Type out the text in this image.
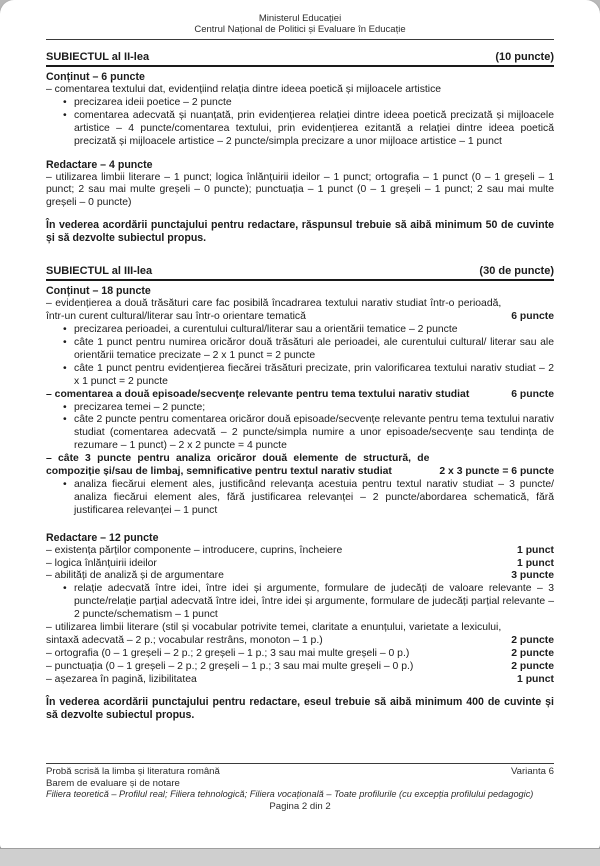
Ministerul Educației
Centrul Național de Politici și Evaluare în Educație
SUBIECTUL al II-lea	(10 puncte)
Conținut – 6 puncte
– comentarea textului dat, evidențiind relația dintre ideea poetică și mijloacele artistice
• precizarea ideii poetice – 2 puncte
• comentarea adecvată și nuanțată, prin evidențierea relației dintre ideea poetică precizată și mijloacele artistice – 4 puncte/comentarea textului, prin evidențierea ezitantă a relației dintre ideea poetică precizată și mijloacele artistice – 2 puncte/simpla precizare a unor mijloace artistice – 1 punct
Redactare – 4 puncte
– utilizarea limbii literare – 1 punct; logica înlănțuirii ideilor – 1 punct; ortografia – 1 punct (0 – 1 greșeli – 1 punct; 2 sau mai multe greșeli – 0 puncte); punctuația – 1 punct (0 – 1 greșeli – 1 punct; 2 sau mai multe greșeli – 0 puncte)
În vederea acordării punctajului pentru redactare, răspunsul trebuie să aibă minimum 50 de cuvinte și să dezvolte subiectul propus.
SUBIECTUL al III-lea	(30 de puncte)
Conținut – 18 puncte
– evidențierea a două trăsături care fac posibilă încadrarea textului narativ studiat într-o perioadă, într-un curent cultural/literar sau într-o orientare tematică	6 puncte
• precizarea perioadei, a curentului cultural/literar sau a orientării tematice – 2 puncte
• câte 1 punct pentru numirea oricăror două trăsături ale perioadei, ale curentului cultural/ literar sau ale orientării tematice precizate – 2 x 1 punct = 2 puncte
• câte 1 punct pentru evidențierea fiecărei trăsături precizate, prin valorificarea textului narativ studiat – 2 x 1 punct = 2 puncte
– comentarea a două episoade/secvențe relevante pentru tema textului narativ studiat	6 puncte
• precizarea temei – 2 puncte;
• câte 2 puncte pentru comentarea oricăror două episoade/secvențe relevante pentru tema textului narativ studiat (comentarea adecvată – 2 puncte/simpla numire a unor episoade/secvențe sau tendința de rezumare – 1 punct) – 2 x 2 puncte = 4 puncte
– câte 3 puncte pentru analiza oricăror două elemente de structură, de compoziție și/sau de limbaj, semnificative pentru textul narativ studiat	2 x 3 puncte = 6 puncte
• analiza fiecărui element ales, justificând relevanța acestuia pentru textul narativ studiat – 3 puncte/ analiza fiecărui element ales, fără justificarea relevanței – 2 puncte/abordarea schematică, fără justificarea relevanței – 1 punct
Redactare – 12 puncte
– existența părților componente – introducere, cuprins, încheiere	1 punct
– logica înlănțuirii ideilor	1 punct
– abilități de analiză și de argumentare	3 puncte
• relație adecvată între idei, între idei și argumente, formulare de judecăți de valoare relevante – 3 puncte/relație parțial adecvată între idei, între idei și argumente, formulare de judecăți parțial relevante – 2 puncte/schematism – 1 punct
– utilizarea limbii literare (stil și vocabular potrivite temei, claritate a enunțului, varietate a lexicului, sintaxă adecvată – 2 p.; vocabular restrâns, monoton – 1 p.)	2 puncte
– ortografia (0 – 1 greșeli – 2 p.; 2 greșeli – 1 p.; 3 sau mai multe greșeli – 0 p.)	2 puncte
– punctuația (0 – 1 greșeli – 2 p.; 2 greșeli – 1 p.; 3 sau mai multe greșeli – 0 p.)	2 puncte
– așezarea în pagină, lizibilitatea	1 punct
În vederea acordării punctajului pentru redactare, eseul trebuie să aibă minimum 400 de cuvinte și să dezvolte subiectul propus.
Probă scrisă la limba și literatura română	Varianta 6
Barem de evaluare și de notare
Filiera teoretică – Profilul real; Filiera tehnologică; Filiera vocațională – Toate profilurile (cu excepția profilului pedagogic)
Pagina 2 din 2
